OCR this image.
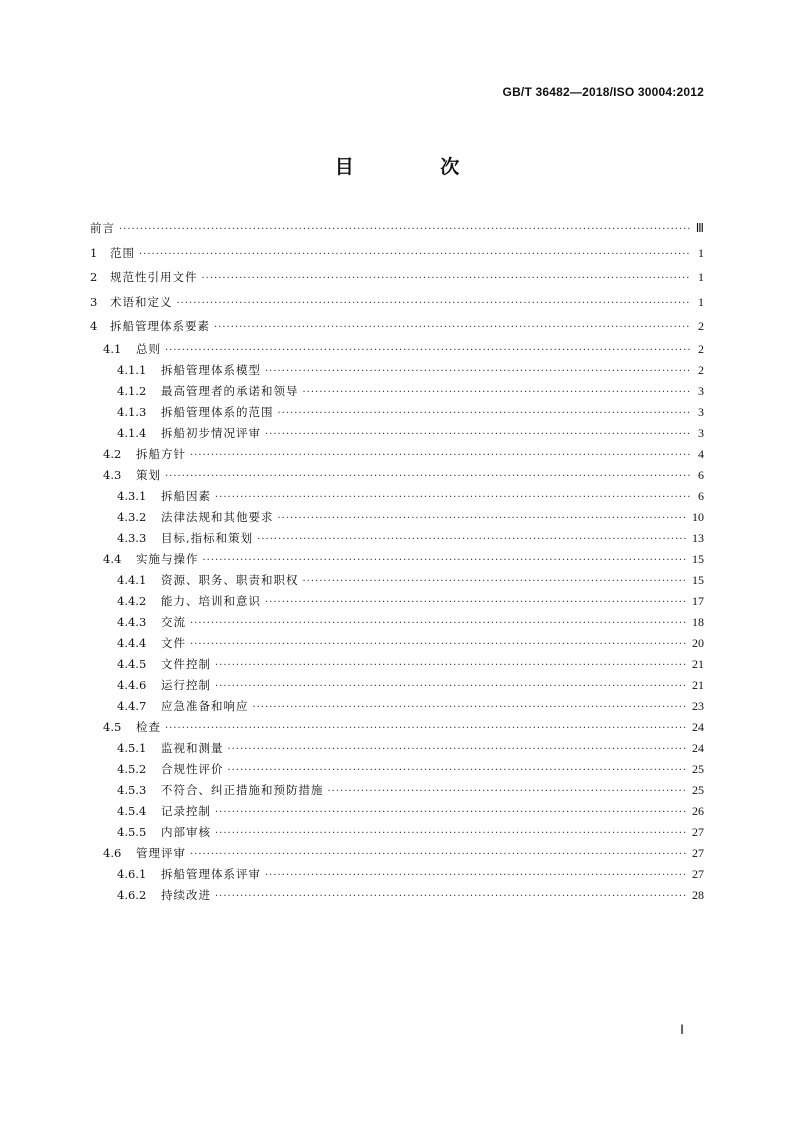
GB/T 36482—2018/ISO 30004:2012
目 次
前言 ·····	Ⅲ
1	范围 ·····	1
2	规范性引用文件 ·····	1
3	术语和定义 ·····	1
4	拆船管理体系要素 ·····	2
4.1	总则 ·····	2
4.1.1	拆船管理体系模型 ·····	2
4.1.2	最高管理者的承诺和领导 ·····	3
4.1.3	拆船管理体系的范围 ·····	3
4.1.4	拆船初步情况评审 ·····	3
4.2	拆船方针 ·····	4
4.3	策划 ·····	6
4.3.1	拆船因素 ·····	6
4.3.2	法律法规和其他要求 ·····	10
4.3.3	目标,指标和策划 ·····	13
4.4	实施与操作 ·····	15
4.4.1	资源、职务、职责和职权 ·····	15
4.4.2	能力、培训和意识 ·····	17
4.4.3	交流 ·····	18
4.4.4	文件 ·····	20
4.4.5	文件控制 ·····	21
4.4.6	运行控制 ·····	21
4.4.7	应急准备和响应 ·····	23
4.5	检查 ·····	24
4.5.1	监视和测量 ·····	24
4.5.2	合规性评价 ·····	25
4.5.3	不符合、纠正措施和预防措施 ·····	25
4.5.4	记录控制 ·····	26
4.5.5	内部审核 ·····	27
4.6	管理评审 ·····	27
4.6.1	拆船管理体系评审 ·····	27
4.6.2	持续改进 ·····	28
Ⅰ
